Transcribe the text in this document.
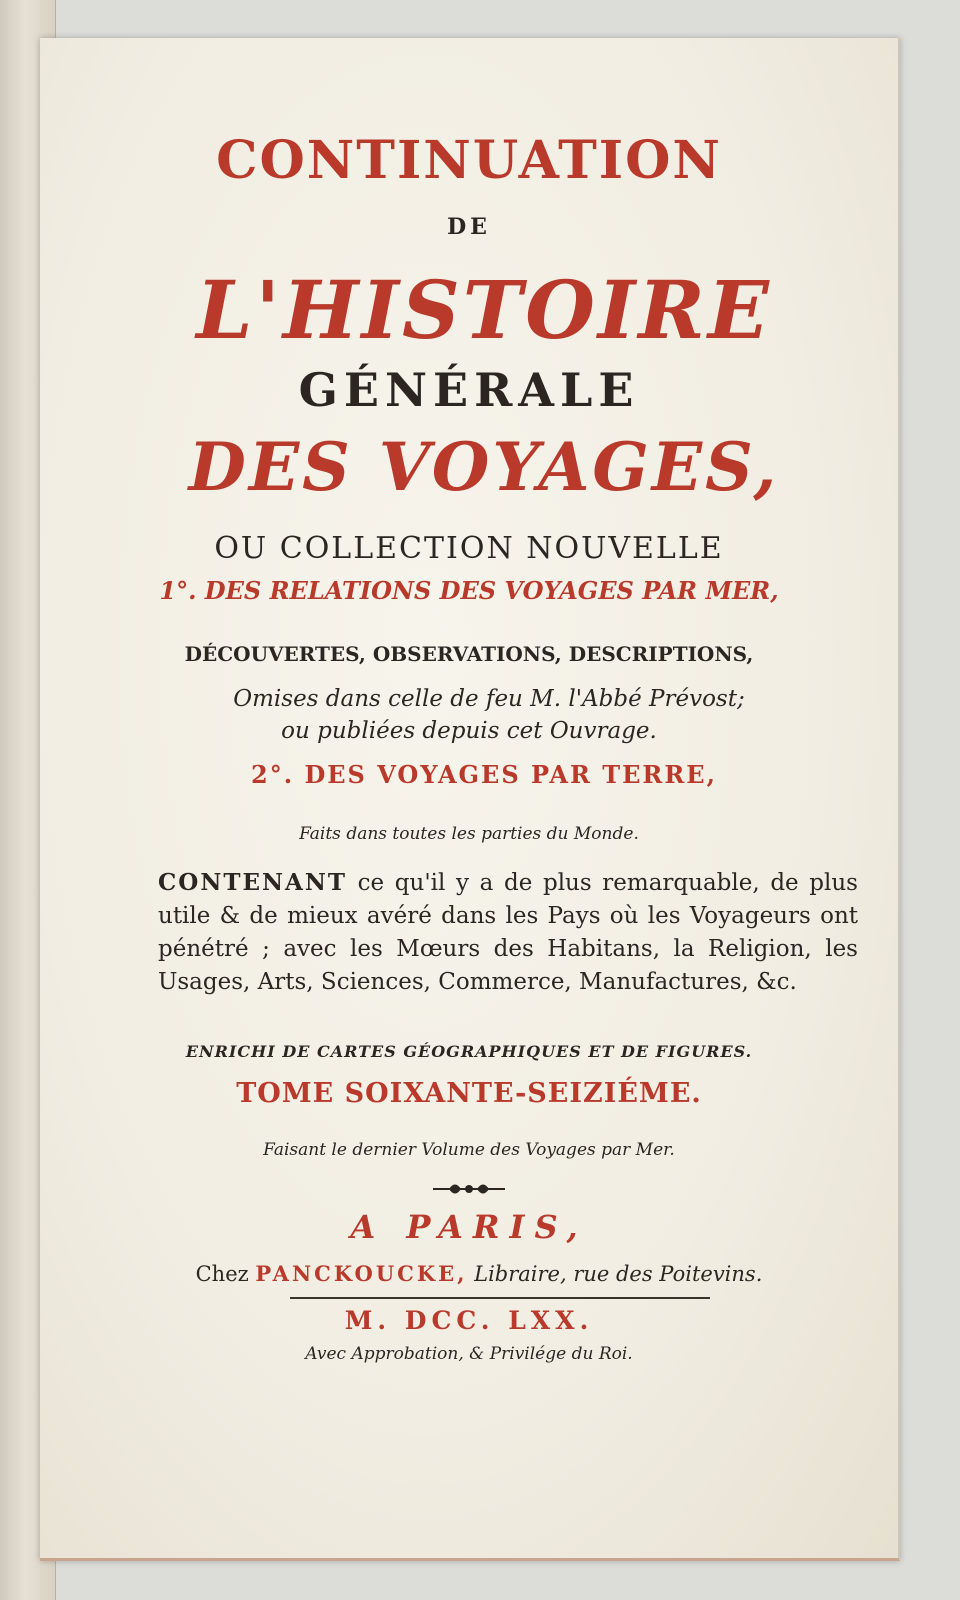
CONTINUATION
DE
L'HISTOIRE
GÉNÉRALE
DES VOYAGES,
OU COLLECTION NOUVELLE
1°. DES RELATIONS DES VOYAGES PAR MER,
DÉCOUVERTES, OBSERVATIONS, DESCRIPTIONS,
Omises dans celle de feu M. l'Abbé Prévost;
ou publiées depuis cet Ouvrage.
2°. DES VOYAGES PAR TERRE,
Faits dans toutes les parties du Monde.
CONTENANT ce qu'il y a de plus remarquable, de plus utile & de mieux avéré dans les Pays où les Voyageurs ont pénétré ; avec les Mœurs des Habitans, la Religion, les Usages, Arts, Sciences, Commerce, Manufactures, &c.
ENRICHI DE CARTES GÉOGRAPHIQUES ET DE FIGURES.
TOME SOIXANTE-SEIZIÉME.
Faisant le dernier Volume des Voyages par Mer.
A PARIS,
Chez PANCKOUCKE, Libraire, rue des Poitevins.
M. DCC. LXX.
Avec Approbation, & Privilége du Roi.
